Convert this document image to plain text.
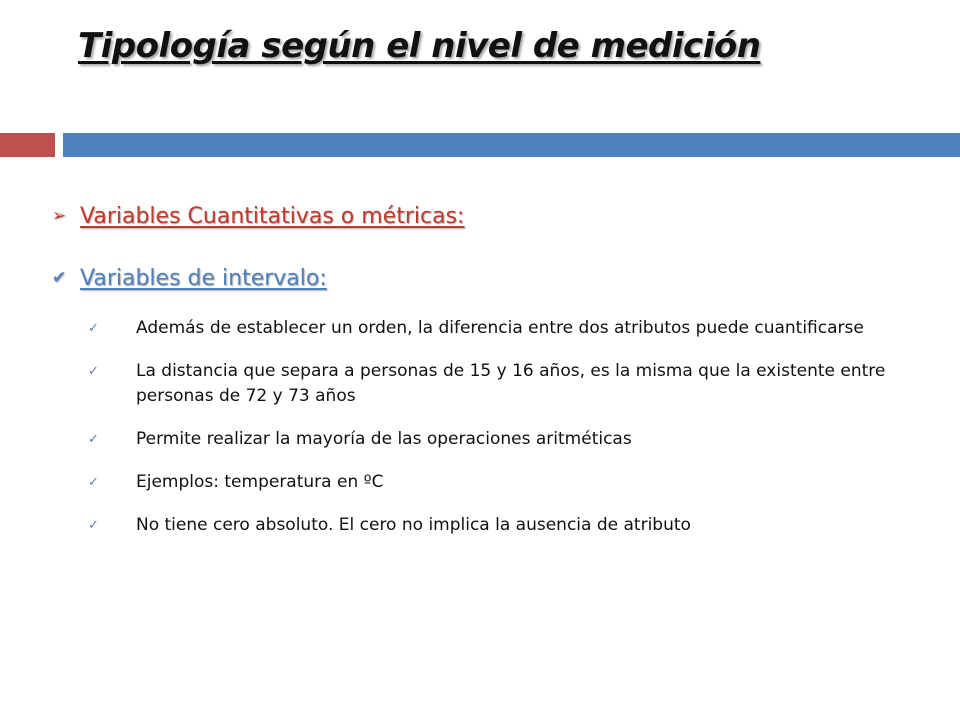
Tipología según el nivel de medición
➢ Variables Cuantitativas o métricas:
✔ Variables de intervalo:
✓ Además de establecer un orden, la diferencia entre dos atributos puede cuantificarse
✓ La distancia que separa a personas de 15 y 16 años, es la misma que la existente entre personas de 72 y 73 años
✓ Permite realizar la mayoría de las operaciones aritméticas
✓ Ejemplos: temperatura en ºC
✓ No tiene cero absoluto. El cero no implica la ausencia de atributo
